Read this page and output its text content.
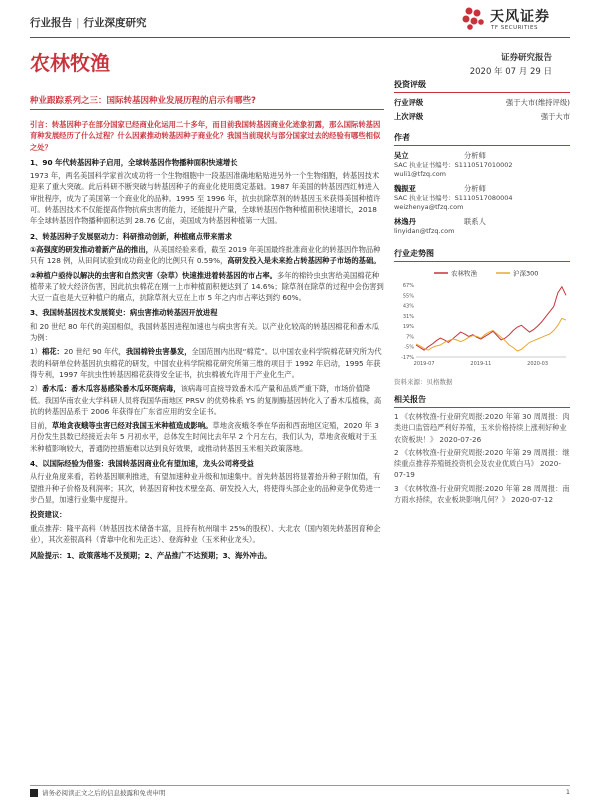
行业报告 | 行业深度研究	天风证券
TF SECURITIES
农林牧渔	证券研究报告
2020 年 07 月 29 日
种业跟踪系列之三：国际转基因种业发展历程的启示有哪些?

引言：转基因种子在部分国家已经商业化运用二十多年，而目前我国转基因商业化迹象初露，那么国际转基因育种发展经历了什么过程？什么因素推动转基因种子商业化？我国当前现状与部分国家过去的经验有哪些相似之处？

1、90 年代转基因种子启用，全球转基因作物播种面积快速增长

1973 年，两名美国科学家首次成功将一个生物细胞中一段基因准确地粘贴进另外一个生物细胞，转基因技术迎来了重大突破。此后科研不断突破与转基因种子的商业化使用奠定基础。1987 年美国的转基因西红柿进入审批程序，成为了美国第一个商业化的品种。1995 至 1996 年，抗虫抗除草剂的转基因玉米获得美国种植许可。转基因技术不仅能提高作物抗病虫害的能力，还能提升产量，全球转基因作物种植面积快速增长，2018 年全球转基因作物播种面积达到 28.76 亿亩，美国成为转基因种植第一大国。

2、转基因种子发展驱动力：科研推动创新，种植痛点带来需求

①高强度的研发推动着新产品的推出，从美国经验来看，截至 2019 年美国最终批准商业化的转基因作物品种只有 128 例，从田间试验到成功商业化的比例只有 0.59%，高研发投入是未来抢占转基因种子市场的基础。

②种植户亟待以解决的虫害和自然灾害（杂草）快速推进着转基因的市占率。多年的棉铃虫虫害给美国棉花种植带来了较大经济伤害，因此抗虫棉花在刚一上市种植面积便达到了 14.6%；除草剂在除草的过程中会伤害到大豆一直也是大豆种植户的痛点，抗除草剂大豆在上市 5 年之内市占率达到约 60%。

3、我国转基因技术发展简史：病虫害推动转基因开放进程

和 20 世纪 80 年代的美国相似，我国转基因进程加速也与病虫害有关。以产业化较高的转基因棉花和番木瓜为例：

1）棉花：20 世纪 90 年代，我国棉铃虫害暴发，全国范围内出现“棉荒”。以中国农业科学院棉花研究所为代表的科研单位转基因抗虫棉花的研发，中国农业科学院棉花研究所第三维的项目于 1992 年启动，1995 年获得专利，1997 年抗虫性转基因棉花获得安全证书，抗虫棉被允许用于产业化生产。

2）番木瓜：番木瓜容易感染番木瓜环斑病毒，该病毒可直接导致番木瓜产量和品质严重下降，市场价值降低。我国华南农业大学科研人员将我国华南地区 PRSV 的优势株系 YS 的复制酶基因转化入了番木瓜植株，高抗的转基因品系于 2006 年获得在广东省应用的安全证书。

目前，草地贪夜蛾等虫害已经对我国玉米种植造成影响。草地贪夜蛾冬季在华南和西南地区定殖，2020 年 3 月份发生县数已经接近去年 5 月初水平，总体发生时间比去年早 2 个月左右，我们认为，草地贪夜蛾对于玉米种植影响较大，普通防控措施难以达到良好效果，或推动转基因玉米相关政策落地。

4、以国际经验为借鉴：我国转基因商业化有望加速，龙头公司将受益

从行业角度来看，若转基因顺利推进，有望加速种业升级和加速集中。首先转基因将显著抬升种子附加值，有望推升种子价格及利润率；其次，转基因育种技术壁垒高、研发投入大，将使得头部企业的品种竞争优势进一步凸显，加速行业集中度提升。

投资建议：

重点推荐：隆平高科（转基因技术储备丰富，且持有杭州瑞丰 25%的股权）、大北农（国内领先转基因育种企业），其次差银高科（背靠中化和先正达）、登海种业（玉米种业龙头）。

风险提示：1、政策落地不及预期；2、产品推广不达预期；3、海外冲击。

投资评级
行业评级	强于大市(维持评级)
上次评级	强于大市
作者
吴立	分析师
SAC 执业证书编号：S1110517010002
wuli1@tfzq.com
魏振亚	分析师
SAC 执业证书编号：S1110517080004
weizhenya@tfzq.com
林逸丹	联系人
linyidan@tfzq.com
行业走势图
农林牧渔	沪深300
-17%
-5%
7%
19%
31%
43%
55%
67%
2019-07	2019-11	2020-03
资料来源：贝格数据
相关报告
1 《农林牧渔-行业研究周报:2020 年第 30 周周报：肉类进口监管趋严利好养殖，玉米价格持续上涨利好种业农资板块！》 2020-07-26
2 《农林牧渔-行业研究周报:2020 年第 29 周周报：继续重点推荐养殖链投资机会及农业优质白马》 2020-07-19
3 《农林牧渔-行业研究周报:2020 年第 28 周周报：南方雨水持续，农业板块影响几何？》 2020-07-12
请务必阅读正文之后的信息披露和免责申明	1
